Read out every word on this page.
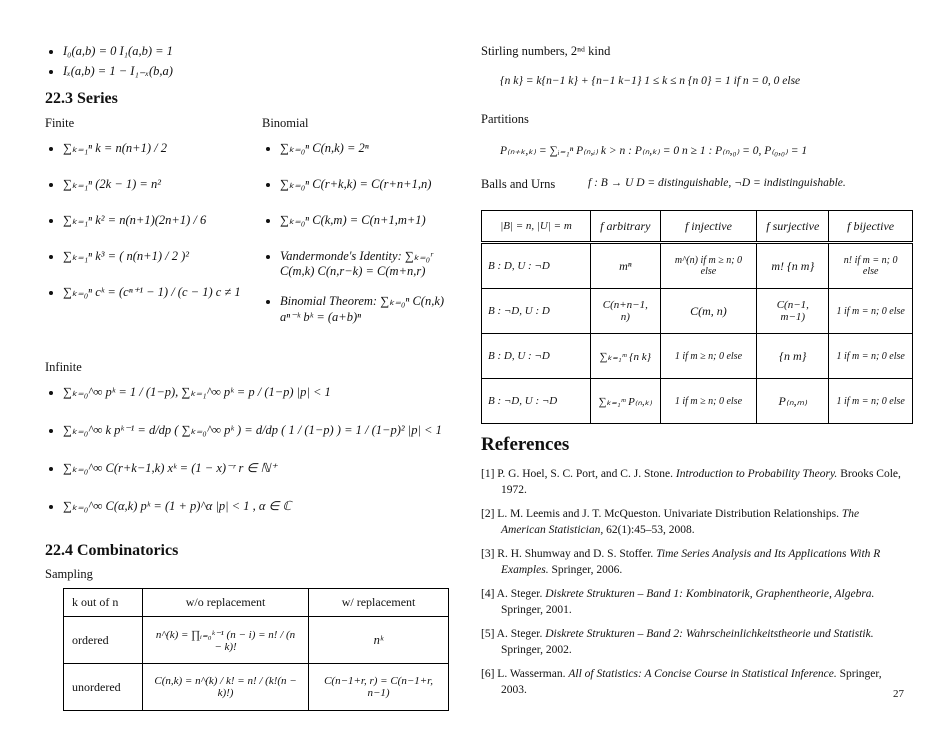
• I₀(a,b) = 0 I₁(a,b) = 1
• Iₓ(a,b) = 1 − I₁₋ₓ(b,a)
22.3 Series
Finite
• ∑ₖ₌₁ⁿ k = n(n+1) / 2
• ∑ₖ₌₁ⁿ (2k − 1) = n²
• ∑ₖ₌₁ⁿ k² = n(n+1)(2n+1) / 6
• ∑ₖ₌₁ⁿ k³ = ( n(n+1) / 2 )²
• ∑ₖ₌₀ⁿ cᵏ = (cⁿ⁺¹ − 1) / (c − 1) c ≠ 1
Binomial
• ∑ₖ₌₀ⁿ C(n,k) = 2ⁿ
• ∑ₖ₌₀ⁿ C(r+k,k) = C(r+n+1,n)
• ∑ₖ₌₀ⁿ C(k,m) = C(n+1,m+1)
• Vandermonde's Identity: ∑ₖ₌₀ʳ C(m,k) C(n,r−k) = C(m+n,r)
• Binomial Theorem: ∑ₖ₌₀ⁿ C(n,k) aⁿ⁻ᵏ bᵏ = (a+b)ⁿ
Infinite
• ∑ₖ₌₀^∞ pᵏ = 1 / (1−p), ∑ₖ₌₁^∞ pᵏ = p / (1−p) |p| < 1
• ∑ₖ₌₀^∞ k pᵏ⁻¹ = d/dp ( ∑ₖ₌₀^∞ pᵏ ) = d/dp ( 1 / (1−p) ) = 1 / (1−p)² |p| < 1
• ∑ₖ₌₀^∞ C(r+k−1,k) xᵏ = (1 − x)⁻ʳ r ∈ ℕ⁺
• ∑ₖ₌₀^∞ C(α,k) pᵏ = (1 + p)^α |p| < 1 , α ∈ ℂ
22.4 Combinatorics
Sampling
k out of n	w/o replacement	w/ replacement
ordered	n^(k) = ∏ᵢ₌₀ᵏ⁻¹ (n − i) = n! / (n − k)!	nᵏ
unordered	C(n,k) = n^(k) / k! = n! / (k!(n − k)!)	C(n−1+r, r) = C(n−1+r, n−1)
Stirling numbers, 2ⁿᵈ kind
{n k} = k{n−1 k} + {n−1 k−1} 1 ≤ k ≤ n {n 0} = 1 if n = 0, 0 else
Partitions
P₍ₙ₊ₖ,ₖ₎ = ∑ᵢ₌₁ⁿ P₍ₙ,ᵢ₎ k > n : P₍ₙ,ₖ₎ = 0 n ≥ 1 : P₍ₙ,₀₎ = 0, P₍₀,₀₎ = 1
Balls and Urns	f : B → U D = distinguishable, ¬D = indistinguishable.
|B| = n, |U| = m	f arbitrary	f injective	f surjective	f bijective
B : D, U : ¬D	mⁿ	m^(n) if m ≥ n; 0 else	m! {n m}	n! if m = n; 0 else
B : ¬D, U : D	C(n+n−1, n)	C(m, n)	C(n−1, m−1)	1 if m = n; 0 else
B : D, U : ¬D	∑ₖ₌₁ᵐ {n k}	1 if m ≥ n; 0 else	{n m}	1 if m = n; 0 else
B : ¬D, U : ¬D	∑ₖ₌₁ᵐ P₍ₙ,ₖ₎	1 if m ≥ n; 0 else	P₍ₙ,ₘ₎	1 if m = n; 0 else
References
[1] P. G. Hoel, S. C. Port, and C. J. Stone. Introduction to Probability Theory. Brooks Cole, 1972.
[2] L. M. Leemis and J. T. McQueston. Univariate Distribution Relationships. The American Statistician, 62(1):45–53, 2008.
[3] R. H. Shumway and D. S. Stoffer. Time Series Analysis and Its Applications With R Examples. Springer, 2006.
[4] A. Steger. Diskrete Strukturen – Band 1: Kombinatorik, Graphentheorie, Algebra. Springer, 2001.
[5] A. Steger. Diskrete Strukturen – Band 2: Wahrscheinlichkeitstheorie und Statistik. Springer, 2002.
[6] L. Wasserman. All of Statistics: A Concise Course in Statistical Inference. Springer, 2003.	27
